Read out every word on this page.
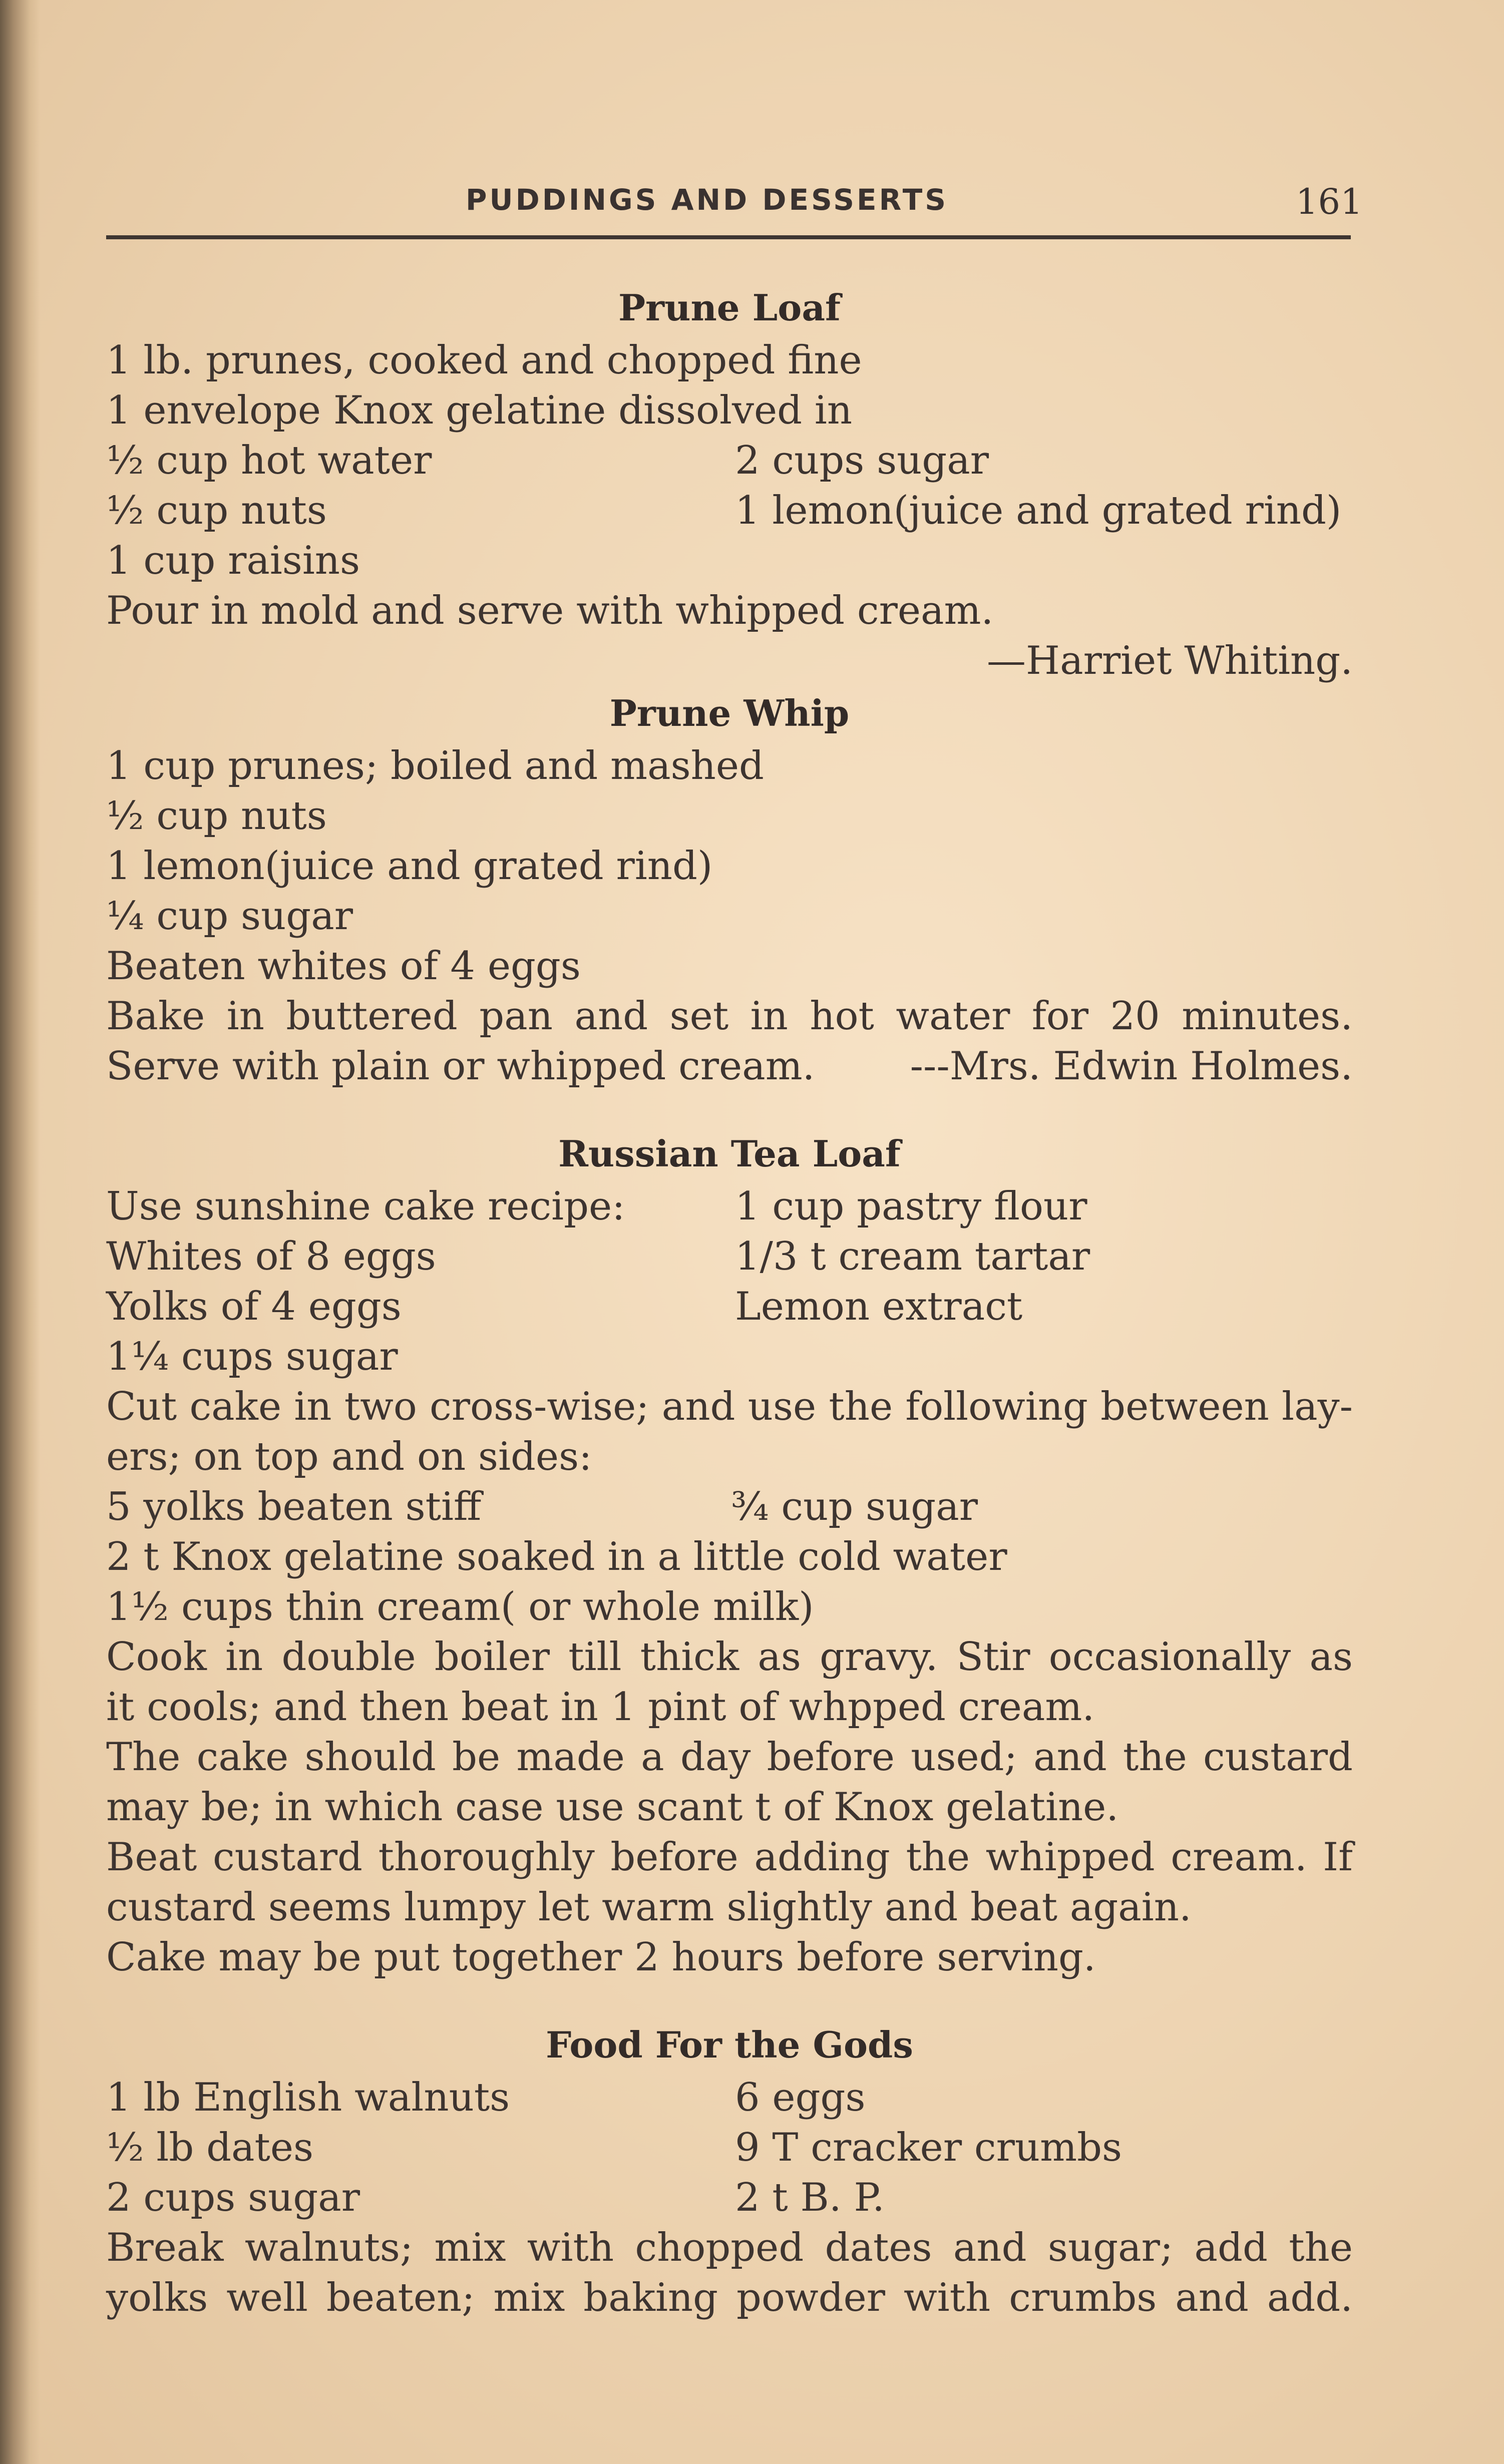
PUDDINGS AND DESSERTS	161
Prune Loaf
1 lb. prunes, cooked and chopped fine
1 envelope Knox gelatine dissolved in
½ cup hot water	2 cups sugar
½ cup nuts	1 lemon(juice and grated rind)
1 cup raisins
Pour in mold and serve with whipped cream.
—Harriet Whiting.
Prune Whip
1 cup prunes; boiled and mashed
½ cup nuts
1 lemon(juice and grated rind)
¼ cup sugar
Beaten whites of 4 eggs
Bake in buttered pan and set in hot water for 20 minutes.
Serve with plain or whipped cream. ---Mrs. Edwin Holmes.
Russian Tea Loaf
Use sunshine cake recipe:	1 cup pastry flour
Whites of 8 eggs	1/3 t cream tartar
Yolks of 4 eggs	Lemon extract
1¼ cups sugar
Cut cake in two cross-wise; and use the following between lay-
ers; on top and on sides:
5 yolks beaten stiff	¾ cup sugar
2 t Knox gelatine soaked in a little cold water
1½ cups thin cream( or whole milk)
Cook in double boiler till thick as gravy. Stir occasionally as
it cools; and then beat in 1 pint of whpped cream.
The cake should be made a day before used; and the custard
may be; in which case use scant t of Knox gelatine.
Beat custard thoroughly before adding the whipped cream. If
custard seems lumpy let warm slightly and beat again.
Cake may be put together 2 hours before serving.
Food For the Gods
1 lb English walnuts	6 eggs
½ lb dates	9 T cracker crumbs
2 cups sugar	2 t B. P.
Break walnuts; mix with chopped dates and sugar; add the
yolks well beaten; mix baking powder with crumbs and add.
